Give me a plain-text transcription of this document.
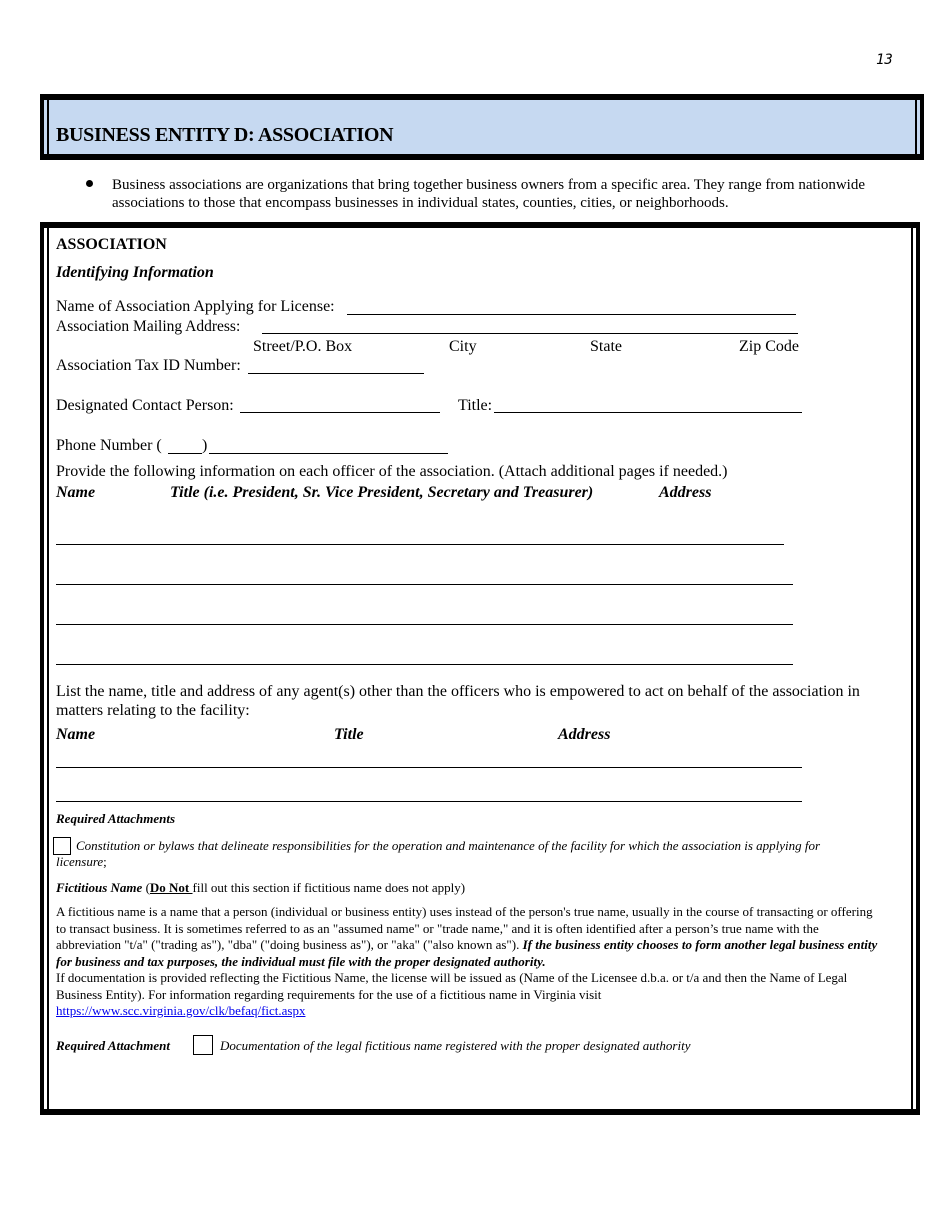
13
BUSINESS ENTITY D: ASSOCIATION
Business associations are organizations that bring together business owners from a specific area. They range from nationwide associations to those that encompass businesses in individual states, counties, cities, or neighborhoods.
ASSOCIATION
Identifying Information
Name of Association Applying for License:
Association Mailing Address:
Street/P.O. Box	City	State	Zip Code
Association Tax ID Number:
Designated Contact Person:	Title:
Phone Number (	)
Provide the following information on each officer of the association. (Attach additional pages if needed.)
Name	Title (i.e. President, Sr. Vice President, Secretary and Treasurer)	Address
List the name, title and address of any agent(s) other than the officers who is empowered to act on behalf of the association in matters relating to the facility:
Name	Title	Address
Required Attachments
Constitution or bylaws that delineate responsibilities for the operation and maintenance of the facility for which the association is applying for licensure;
Fictitious Name (Do Not fill out this section if fictitious name does not apply)
A fictitious name is a name that a person (individual or business entity) uses instead of the person's true name, usually in the course of transacting or offering to transact business. It is sometimes referred to as an "assumed name" or "trade name," and it is often identified after a person’s true name with the abbreviation "t/a" ("trading as"), "dba" ("doing business as"), or "aka" ("also known as"). If the business entity chooses to form another legal business entity for business and tax purposes, the individual must file with the proper designated authority.
If documentation is provided reflecting the Fictitious Name, the license will be issued as (Name of the Licensee d.b.a. or t/a and then the Name of Legal Business Entity). For information regarding requirements for the use of a fictitious name in Virginia visit
https://www.scc.virginia.gov/clk/befaq/fict.aspx
Required Attachment	Documentation of the legal fictitious name registered with the proper designated authority
